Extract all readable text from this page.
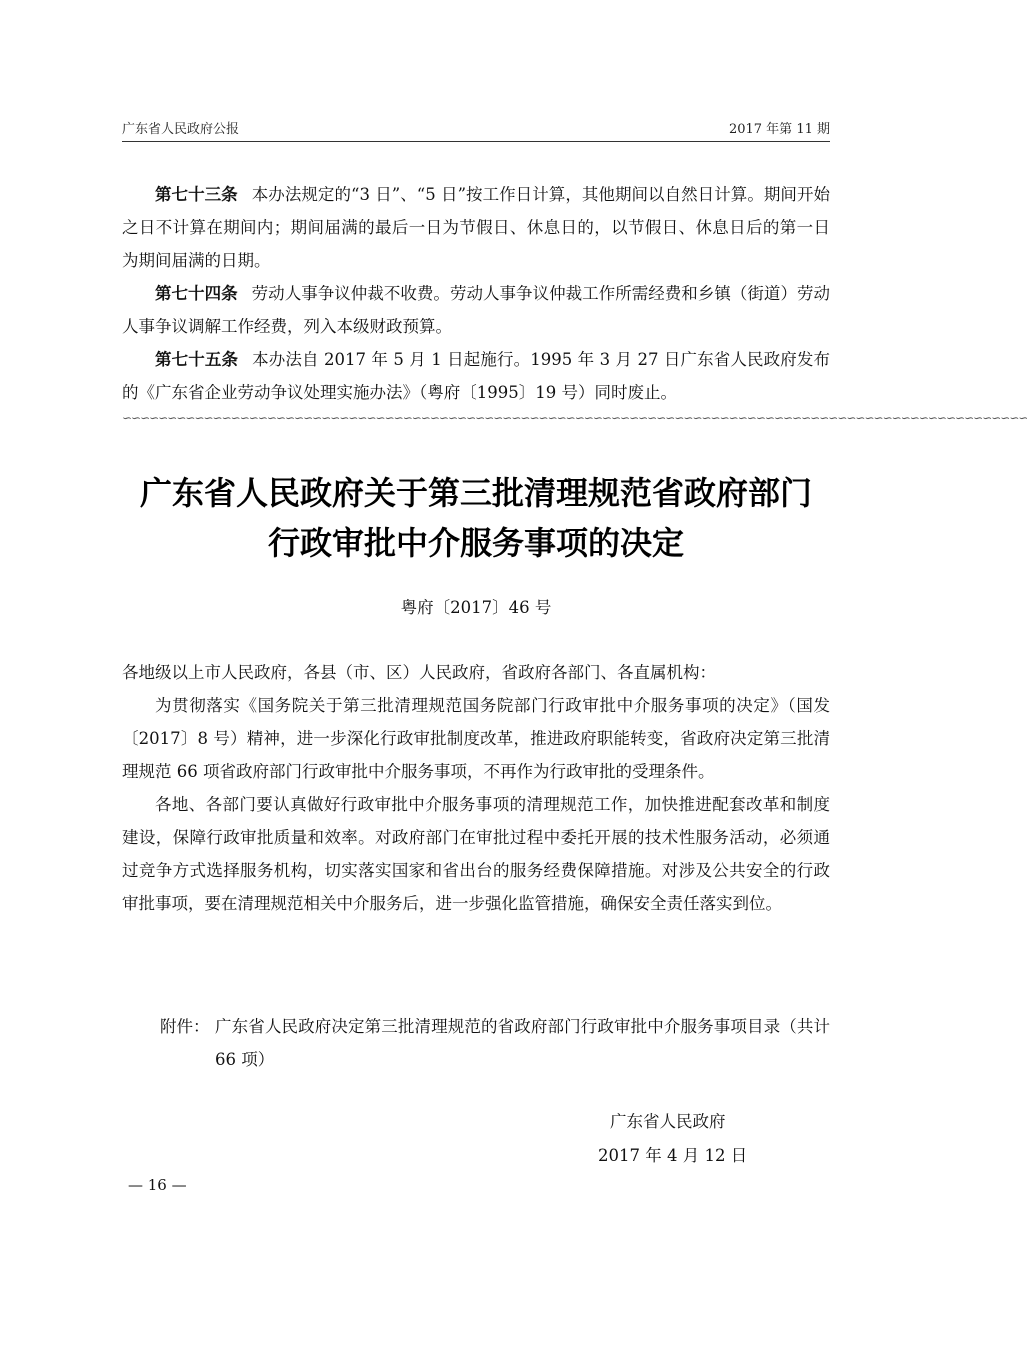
广东省人民政府公报	2017 年第 11 期

第七十三条 本办法规定的“3 日”、“5 日”按工作日计算，其他期间以自然日计算。期间开始之日不计算在期间内；期间届满的最后一日为节假日、休息日的，以节假日、休息日后的第一日为期间届满的日期。

第七十四条 劳动人事争议仲裁不收费。劳动人事争议仲裁工作所需经费和乡镇（街道）劳动人事争议调解工作经费，列入本级财政预算。

第七十五条 本办法自 2017 年 5 月 1 日起施行。1995 年 3 月 27 日广东省人民政府发布的《广东省企业劳动争议处理实施办法》（粤府〔1995〕19 号）同时废止。

∽∽∽∽∽∽∽∽∽∽∽∽∽∽∽∽∽∽∽∽∽∽∽∽∽∽∽∽∽∽∽∽∽∽∽∽∽∽∽∽∽∽∽∽∽∽∽∽∽∽∽∽∽∽∽∽∽∽∽∽∽∽∽∽∽∽∽∽∽∽∽∽∽∽∽∽∽∽∽∽∽∽∽∽∽∽∽∽∽∽∽∽∽∽∽∽∽∽∽∽
广东省人民政府关于第三批清理规范省政府部门
行政审批中介服务事项的决定
粤府〔2017〕46 号

各地级以上市人民政府，各县（市、区）人民政府，省政府各部门、各直属机构：

为贯彻落实《国务院关于第三批清理规范国务院部门行政审批中介服务事项的决定》（国发〔2017〕8 号）精神，进一步深化行政审批制度改革，推进政府职能转变，省政府决定第三批清理规范 66 项省政府部门行政审批中介服务事项，不再作为行政审批的受理条件。

各地、各部门要认真做好行政审批中介服务事项的清理规范工作，加快推进配套改革和制度建设，保障行政审批质量和效率。对政府部门在审批过程中委托开展的技术性服务活动，必须通过竞争方式选择服务机构，切实落实国家和省出台的服务经费保障措施。对涉及公共安全的行政审批事项，要在清理规范相关中介服务后，进一步强化监管措施，确保安全责任落实到位。

附件： 广东省人民政府决定第三批清理规范的省政府部门行政审批中介服务事项目录（共计 66 项）
广东省人民政府
2017 年 4 月 12 日
— 16 —
